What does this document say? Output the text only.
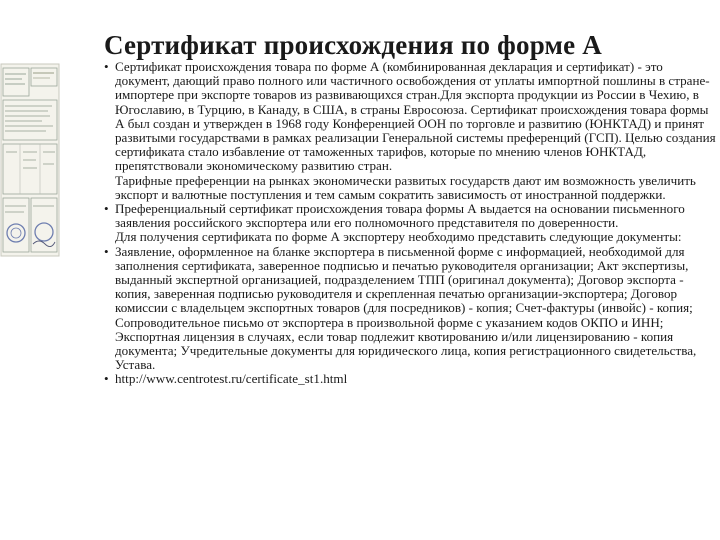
Сертификат происхождения по форме А
• Сертификат происхождения товара по форме А (комбинированная декларация и сертификат) - это документ, дающий право полного или частичного освобождения от уплаты импортной пошлины в стране-импортере при экспорте товаров из развивающихся стран.Для экспорта продукции из России в Чехию, в Югославию, в Турцию, в Канаду, в США, в страны Евросоюза. Сертификат происхождения товара формы А был создан и утвержден в 1968 году Конференцией ООН по торговле и развитию (ЮНКТАД) и принят развитыми государствами в рамках реализации Генеральной системы преференций (ГСП). Целью создания сертификата стало избавление от таможенных тарифов, которые по мнению членов ЮНКТАД, препятствовали экономическому развитию стран.

Тарифные преференции на рынках экономически развитых государств дают им возможность увеличить экспорт и валютные поступления и тем самым сократить зависимость от иностранной поддержки.

• Преференциальный сертификат происхождения товара формы А выдается на основании письменного заявления российского экспортера или его полномочного представителя по доверенности.

Для получения сертификата по форме А экспортеру необходимо представить следующие документы:

• Заявление, оформленное на бланке экспортера в письменной форме с информацией, необходимой для заполнения сертификата, заверенное подписью и печатью руководителя организации; Акт экспертизы, выданный экспертной организацией, подразделением ТПП (оригинал документа); Договор экспорта - копия, заверенная подписью руководителя и скрепленная печатью организации-экспортера; Договор комиссии с владельцем экспортных товаров (для посредников) - копия; Счет-фактуры (инвойс) - копия; Сопроводительное письмо от экспортера в произвольной форме с указанием кодов ОКПО и ИНН; Экспортная лицензия в случаях, если товар подлежит квотированию и/или лицензированию - копия документа; Учредительные документы для юридического лица, копия регистрационного свидетельства, Устава.

• http://www.centrotest.ru/certificate_st1.html
